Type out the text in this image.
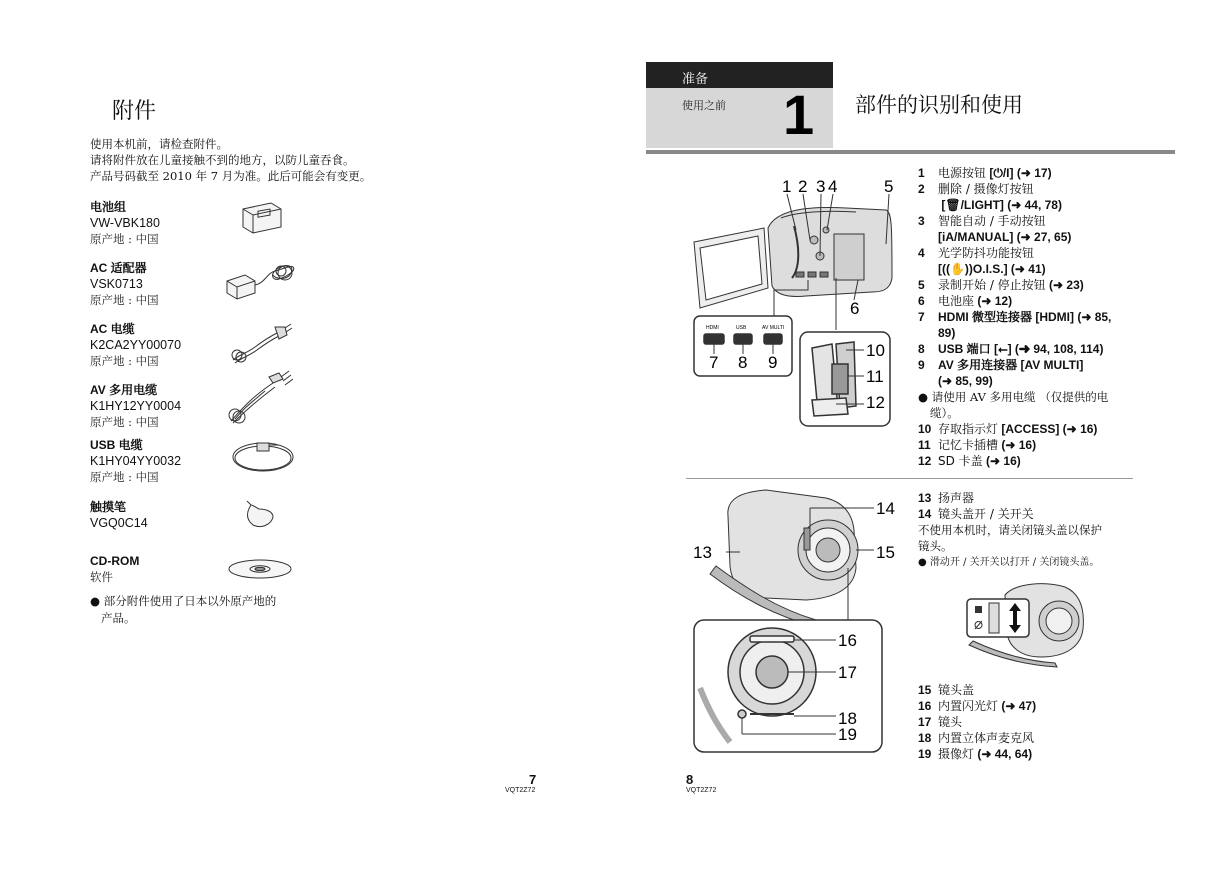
附件
使用本机前，请检查附件。
请将附件放在儿童接触不到的地方，以防儿童吞食。
产品号码截至 2010 年 7 月为准。此后可能会有变更。
电池组
VW-VBK180
原产地 : 中国
AC 适配器
VSK0713
原产地 : 中国
AC 电缆
K2CA2YY00070
原产地 : 中国
AV 多用电缆
K1HY12YY0004
原产地 : 中国
USB 电缆
K1HY04YY0032
原产地 : 中国
触摸笔
VGQ0C14
CD-ROM
软件
● 部分附件使用了日本以外原产地的
产品。
7
VQT2Z72
准备
使用之前 1 部件的识别和使用
1 2 3 4	5
6
HDMI	USB	AV MULTI
7 8 9
10
11
12
14
15
13
16
17
18
19
1 电源按钮 [⏻/I] (➜ 17)
2 删除 / 摄像灯按钮
[🗑/LIGHT] (➜ 44, 78)
3 智能自动 / 手动按钮
[iA/MANUAL] (➜ 27, 65)
4 光学防抖功能按钮
[((✋))O.I.S.] (➜ 41)
5 录制开始 / 停止按钮 (➜ 23)
6 电池座 (➜ 12)
7 HDMI 微型连接器 [HDMI] (➜ 85,
89)
8 USB 端口 [⭠] (➜ 94, 108, 114)
9 AV 多用连接器 [AV MULTI]
(➜ 85, 99)
● 请使用 AV 多用电缆 （仅提供的电
缆）。
10 存取指示灯 [ACCESS] (➜ 16)
11 记忆卡插槽 (➜ 16)
12 SD 卡盖 (➜ 16)
13 扬声器
14 镜头盖开 / 关开关
不使用本机时，请关闭镜头盖以保护
镜头。
● 滑动开 / 关开关以打开 / 关闭镜头盖。
15 镜头盖
16 内置闪光灯 (➜ 47)
17 镜头
18 内置立体声麦克风
19 摄像灯 (➜ 44, 64)
8
VQT2Z72
